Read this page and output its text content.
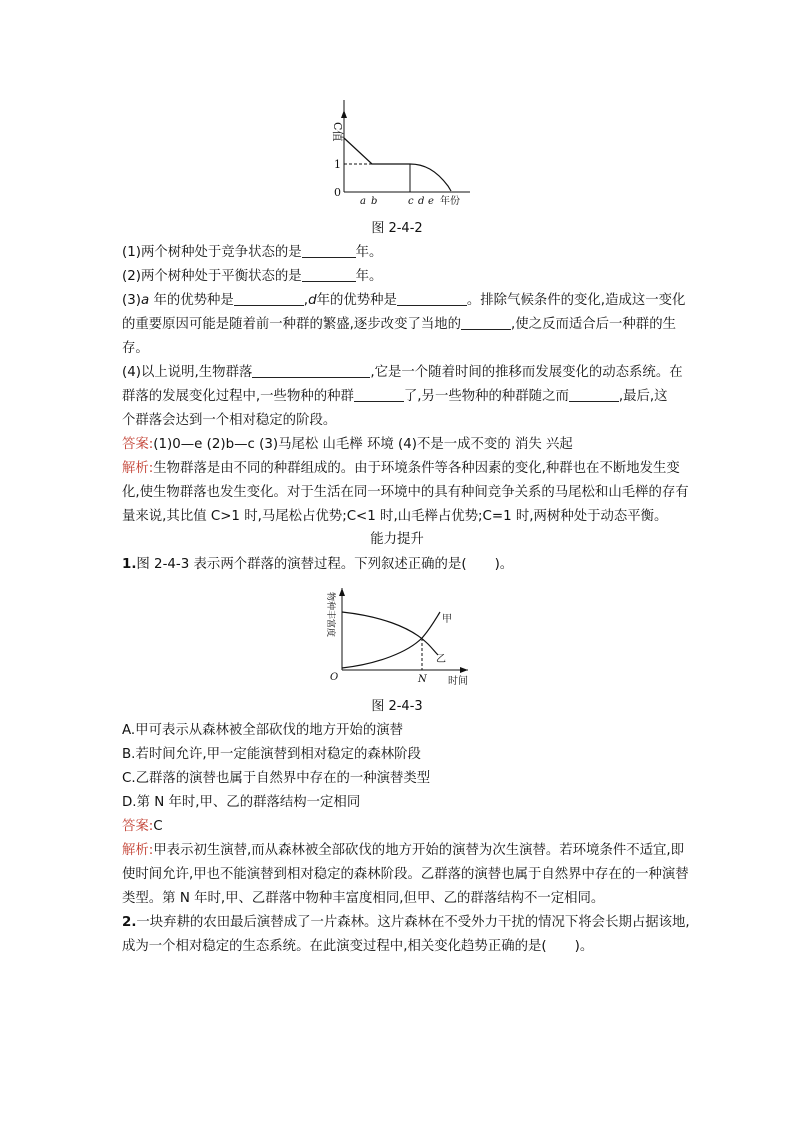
C值
1
0
a b	c d e 年份
图 2-4-2
(1)两个树种处于竞争状态的是	年。
(2)两个树种处于平衡状态的是	年。
(3)a 年的优势种是	,d年的优势种是	。排除气候条件的变化,造成这一变化
的重要原因可能是随着前一种群的繁盛,逐步改变了当地的	,使之反而适合后一种群的生
存。
(4)以上说明,生物群落	,它是一个随着时间的推移而发展变化的动态系统。在
群落的发展变化过程中,一些物种的种群	了,另一些物种的种群随之而	,最后,这
个群落会达到一个相对稳定的阶段。
答案:(1)0—e (2)b—c (3)马尾松 山毛榉 环境 (4)不是一成不变的 消失 兴起
解析:生物群落是由不同的种群组成的。由于环境条件等各种因素的变化,种群也在不断地发生变
化,使生物群落也发生变化。对于生活在同一环境中的具有种间竞争关系的马尾松和山毛榉的存有
量来说,其比值 C>1 时,马尾松占优势;C<1 时,山毛榉占优势;C=1 时,两树种处于动态平衡。
能力提升
1.图 2-4-3 表示两个群落的演替过程。下列叙述正确的是( )。
物种丰富度	甲
乙
O	N 时间
图 2-4-3
A.甲可表示从森林被全部砍伐的地方开始的演替
B.若时间允许,甲一定能演替到相对稳定的森林阶段
C.乙群落的演替也属于自然界中存在的一种演替类型
D.第 N 年时,甲、乙的群落结构一定相同
答案:C
解析:甲表示初生演替,而从森林被全部砍伐的地方开始的演替为次生演替。若环境条件不适宜,即
使时间允许,甲也不能演替到相对稳定的森林阶段。乙群落的演替也属于自然界中存在的一种演替
类型。第 N 年时,甲、乙群落中物种丰富度相同,但甲、乙的群落结构不一定相同。
2.一块弃耕的农田最后演替成了一片森林。这片森林在不受外力干扰的情况下将会长期占据该地,
成为一个相对稳定的生态系统。在此演变过程中,相关变化趋势正确的是( )。
